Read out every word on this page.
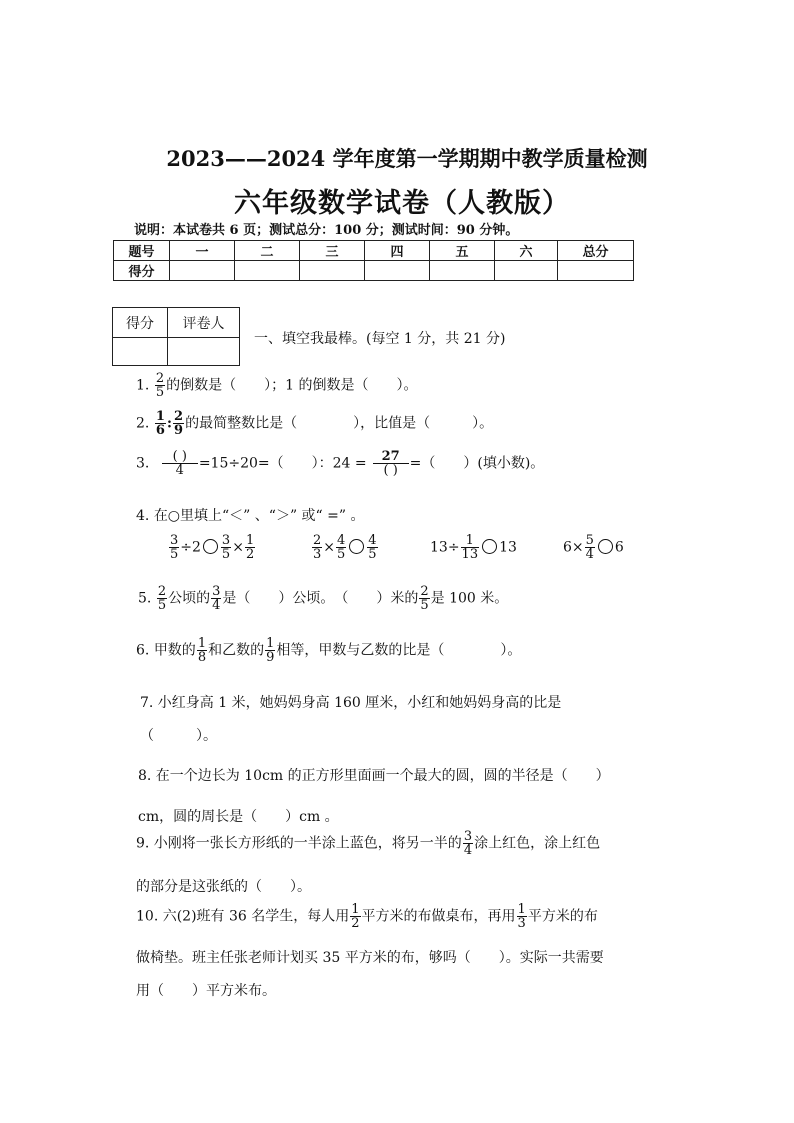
2023——2024 学年度第一学期期中教学质量检测
六年级数学试卷（人教版）
说明：本试卷共 6 页；测试总分：100 分；测试时间：90 分钟。
题号	一	二	三	四	五	六	总分
得分							
得分	评卷人

一、填空我最棒。(每空 1 分，共 21 分)
1. $\frac{2}{5}$ 的倒数是（　　）；1 的倒数是（　　）。
2. $\frac{1}{6}$ : $\frac{2}{9}$ 的最简整数比是（　　　　），比值是（　　　）。
3. $\frac{( )}{4} =15\div 20=$（　　）：$24 = \frac{27}{( )}$ =（　　）(填小数)。
4. 在○里填上“＜” 、“＞” 或“ =” 。
$\frac{3}{5} \div 2 \frac{3}{5} \times \frac{1}{2}$	$\frac{2}{3} \times \frac{4}{5} \frac{4}{5}$	$13\div \frac{1}{13} 13$	$6\times \frac{5}{4} 6$
5. $\frac{2}{5}$ 公顷的 $\frac{3}{4}$ 是（　　）公顷。　（　　）米的 $\frac{2}{5}$ 是 100 米。
6. 甲数的 $\frac{1}{8}$ 和乙数的 $\frac{1}{9}$ 相等，甲数与乙数的比是（　　　　）。
7. 小红身高 1 米，她妈妈身高 160 厘米，小红和她妈妈身高的比是
（　　　）。
8. 在一个边长为 10cm 的正方形里面画一个最大的圆，圆的半径是（　　）
cm，圆的周长是（　　）cm 。
9. 小刚将一张长方形纸的一半涂上蓝色，将另一半的 $\frac{3}{4}$ 涂上红色，涂上红色
的部分是这张纸的（　　）。
10. 六(2)班有 36 名学生，每人用 $\frac{1}{2}$ 平方米的布做桌布，再用 $\frac{1}{3}$ 平方米的布
做椅垫。班主任张老师计划买 35 平方米的布，够吗（　　）。实际一共需要
用（　　）平方米布。
